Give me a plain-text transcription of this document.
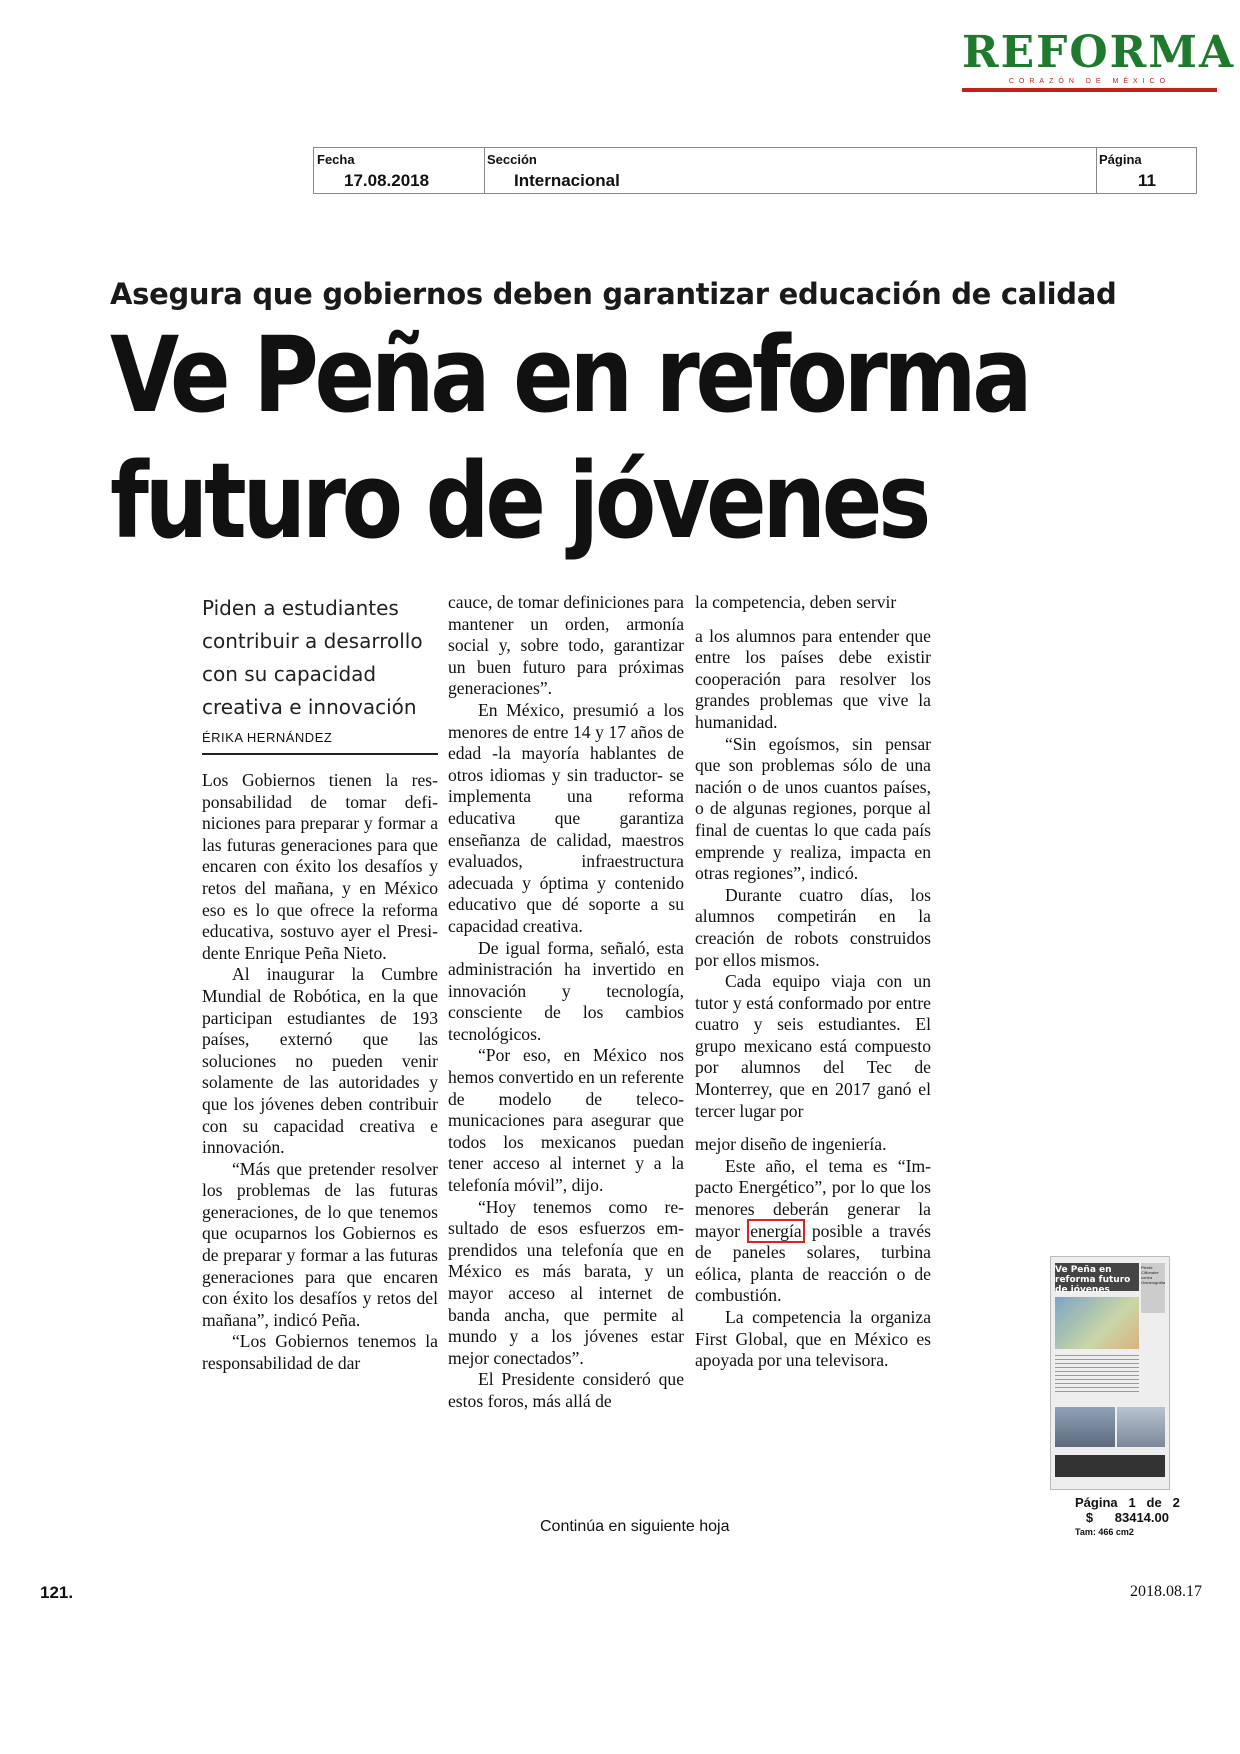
REFORMA
CORAZÓN DE MÉXICO
Fecha
17.08.2018
Sección
Internacional
Página
11
Asegura que gobiernos deben garantizar educación de calidad
Ve Peña en reforma
futuro de jóvenes
Piden a estudiantes contribuir a desarrollo con su capacidad creativa e innovación
ÉRIKA HERNÁNDEZ

Los Gobiernos tienen la responsabilidad de tomar definiciones para preparar y formar a las futuras generaciones para que encaren con éxito los desafíos y retos del mañana, y en México eso es lo que ofrece la reforma educativa, sostuvo ayer el Presidente Enrique Peña Nieto.

Al inaugurar la Cumbre Mundial de Robótica, en la que participan estudiantes de 193 países, externó que las soluciones no pueden venir solamente de las autoridades y que los jóvenes deben contribuir con su capacidad creativa e innovación.

“Más que pretender resolver los problemas de las futuras generaciones, de lo que tenemos que ocuparnos los Gobiernos es de preparar y formar a las futuras generaciones para que encaren con éxito los desafíos y retos del mañana”, indicó Peña.

“Los Gobiernos tenemos la responsabilidad de dar

cauce, de tomar definiciones para mantener un orden, armonía social y, sobre todo, garantizar un buen futuro para próximas generaciones”.

En México, presumió a los menores de entre 14 y 17 años de edad -la mayoría hablantes de otros idiomas y sin traductor- se implementa una reforma educativa que garantiza enseñanza de calidad, maestros evaluados, infraestructura adecuada y óptima y contenido educativo que dé soporte a su capacidad creativa.

De igual forma, señaló, esta administración ha invertido en innovación y tecnología, consciente de los cambios tecnológicos.

“Por eso, en México nos hemos convertido en un referente de modelo de telecomunicaciones para asegurar que todos los mexicanos puedan tener acceso al internet y a la telefonía móvil”, dijo.

“Hoy tenemos como resultado de esos esfuerzos emprendidos una telefonía que en México es más barata, y un mayor acceso al internet de banda ancha, que permite al mundo y a los jóvenes estar mejor conectados”.

El Presidente consideró que estos foros, más allá de

la competencia, deben servir

a los alumnos para entender que entre los países debe existir cooperación para resolver los grandes problemas que vive la humanidad.

“Sin egoísmos, sin pensar que son problemas sólo de una nación o de unos cuantos países, o de algunas regiones, porque al final de cuentas lo que cada país emprende y realiza, impacta en otras regiones”, indicó.

Durante cuatro días, los alumnos competirán en la creación de robots construidos por ellos mismos.

Cada equipo viaja con un tutor y está conformado por entre cuatro y seis estudiantes. El grupo mexicano está compuesto por alumnos del Tec de Monterrey, que en 2017 ganó el tercer lugar por

mejor diseño de ingeniería.

Este año, el tema es “Impacto Energético”, por lo que los menores deberán generar la mayor energía posible a través de paneles solares, turbina eólica, planta de reacción o de combustión.

La competencia la organiza First Global, que en México es apoyada por una televisora.

Ve Peña en reforma futuro de jóvenes
Pierde Cillionaire contra Oceanografía
Página 1 de 2
$ 83414.00
Tam: 466 cm2
Continúa en siguiente hoja
121.	2018.08.17
